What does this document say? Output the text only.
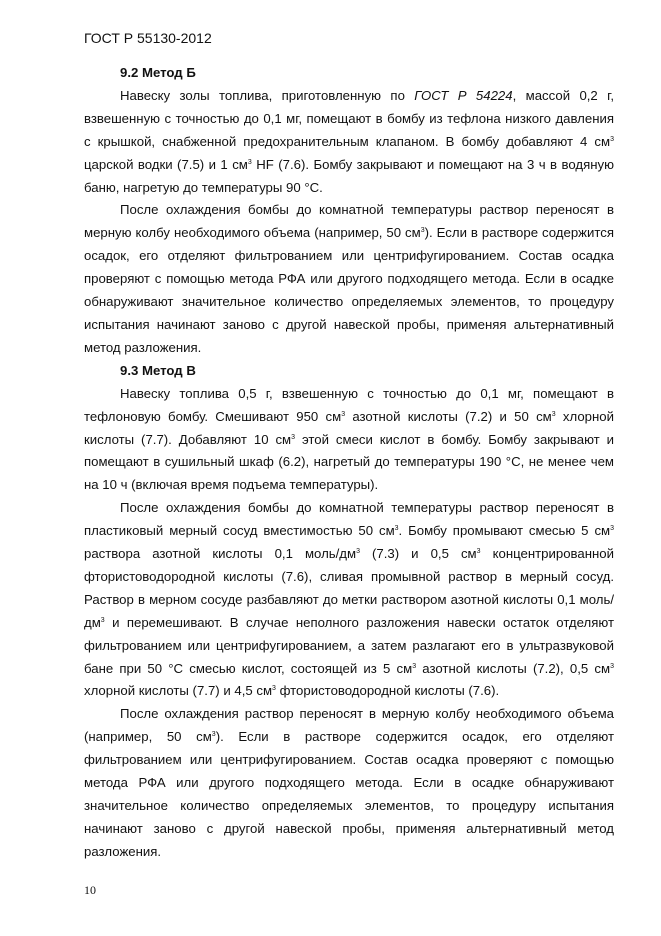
ГОСТ Р 55130-2012

9.2 Метод Б

Навеску золы топлива, приготовленную по ГОСТ Р 54224, массой 0,2 г, взвешенную с точностью до 0,1 мг, помещают в бомбу из тефлона низкого давления с крышкой, снабженной предохранительным клапаном. В бомбу добавляют 4 $см^3$ царской водки (7.5) и 1 $см^3$ HF (7.6). Бомбу закрывают и помещают на 3 ч в водяную баню, нагретую до температуры 90 °С.

После охлаждения бомбы до комнатной температуры раствор переносят в мерную колбу необходимого объема (например, 50 $см^3$). Если в растворе содержится осадок, его отделяют фильтрованием или центрифугированием. Состав осадка проверяют с помощью метода РФА или другого подходящего метода. Если в осадке обнаруживают значительное количество определяемых элементов, то процедуру испытания начинают заново с другой навеской пробы, применяя альтернативный метод разложения.

9.3 Метод В

Навеску топлива 0,5 г, взвешенную с точностью до 0,1 мг, помещают в тефлоновую бомбу. Смешивают 950 $см^3$ азотной кислоты (7.2) и 50 $см^3$ хлорной кислоты (7.7). Добавляют 10 $см^3$ этой смеси кислот в бомбу. Бомбу закрывают и помещают в сушильный шкаф (6.2), нагретый до температуры 190 °С, не менее чем на 10 ч (включая время подъема температуры).

После охлаждения бомбы до комнатной температуры раствор переносят в пластиковый мерный сосуд вместимостью 50 $см^3$. Бомбу промывают смесью 5 $см^3$ раствора азотной кислоты 0,1 моль/$дм^3$ (7.3) и 0,5 $см^3$ концентрированной фтористоводородной кислоты (7.6), сливая промывной раствор в мерный сосуд. Раствор в мерном сосуде разбавляют до метки раствором азотной кислоты 0,1 моль/$дм^3$ и перемешивают. В случае неполного разложения навески остаток отделяют фильтрованием или центрифугированием, а затем разлагают его в ультразвуковой бане при 50 °С смесью кислот, состоящей из 5 $см^3$ азотной кислоты (7.2), 0,5 $см^3$ хлорной кислоты (7.7) и 4,5 $см^3$ фтористоводородной кислоты (7.6).

После охлаждения раствор переносят в мерную колбу необходимого объема (например, 50 $см^3$). Если в растворе содержится осадок, его отделяют фильтрованием или центрифугированием. Состав осадка проверяют с помощью метода РФА или другого подходящего метода. Если в осадке обнаруживают значительное количество определяемых элементов, то процедуру испытания начинают заново с другой навеской пробы, применяя альтернативный метод разложения.

10
